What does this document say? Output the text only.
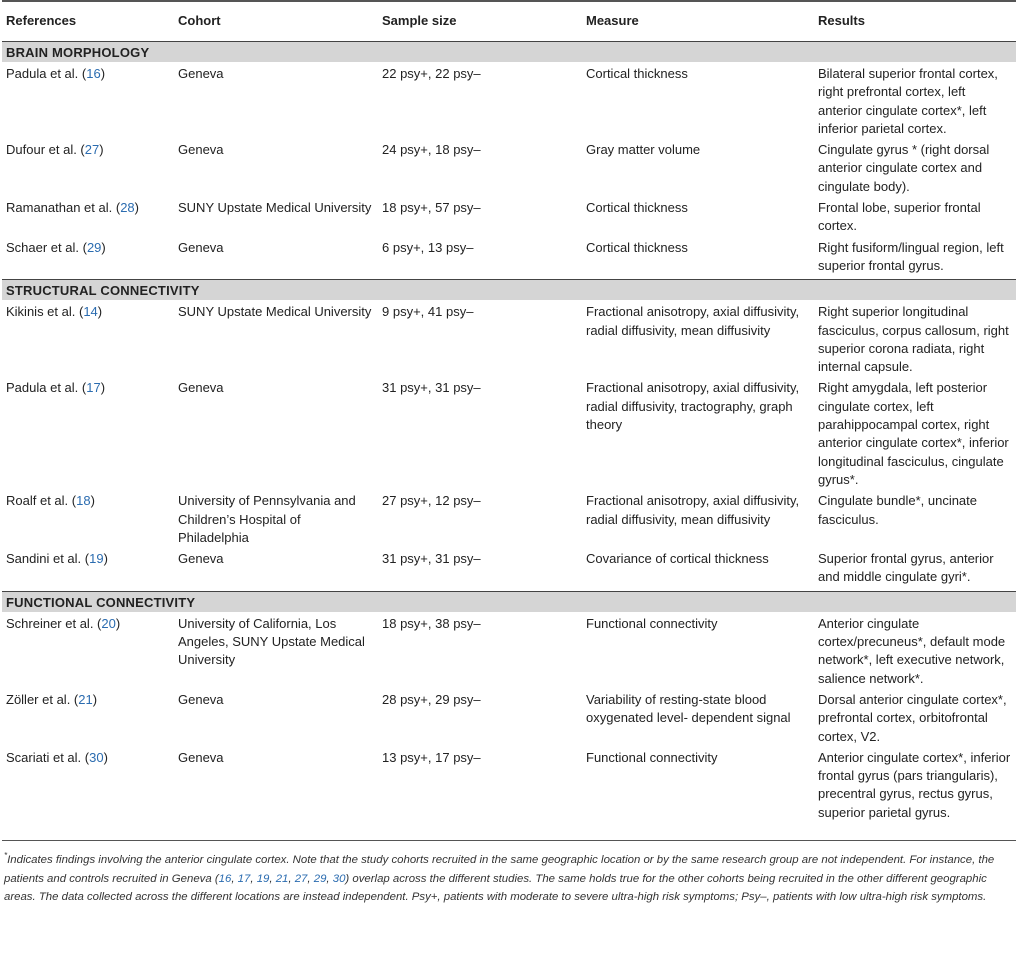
References	Cohort	Sample size	Measure	Results
BRAIN MORPHOLOGY				
Padula et al. (16)	Geneva	22 psy+, 22 psy–	Cortical thickness	Bilateral superior frontal cortex, right prefrontal cortex, left anterior cingulate cortex*, left inferior parietal cortex.
Dufour et al. (27)	Geneva	24 psy+, 18 psy–	Gray matter volume	Cingulate gyrus * (right dorsal anterior cingulate cortex and cingulate body).
Ramanathan et al. (28)	SUNY Upstate Medical University	18 psy+, 57 psy–	Cortical thickness	Frontal lobe, superior frontal cortex.
Schaer et al. (29)	Geneva	6 psy+, 13 psy–	Cortical thickness	Right fusiform/lingual region, left superior frontal gyrus.
STRUCTURAL CONNECTIVITY				
Kikinis et al. (14)	SUNY Upstate Medical University	9 psy+, 41 psy–	Fractional anisotropy, axial diffusivity, radial diffusivity, mean diffusivity	Right superior longitudinal fasciculus, corpus callosum, right superior corona radiata, right internal capsule.
Padula et al. (17)	Geneva	31 psy+, 31 psy–	Fractional anisotropy, axial diffusivity, radial diffusivity, tractography, graph theory	Right amygdala, left posterior cingulate cortex, left parahippocampal cortex, right anterior cingulate cortex*, inferior longitudinal fasciculus, cingulate gyrus*.
Roalf et al. (18)	University of Pennsylvania and Children’s Hospital of Philadelphia	27 psy+, 12 psy–	Fractional anisotropy, axial diffusivity, radial diffusivity, mean diffusivity	Cingulate bundle*, uncinate fasciculus.
Sandini et al. (19)	Geneva	31 psy+, 31 psy–	Covariance of cortical thickness	Superior frontal gyrus, anterior and middle cingulate gyri*.
FUNCTIONAL CONNECTIVITY				
Schreiner et al. (20)	University of California, Los Angeles, SUNY Upstate Medical University	18 psy+, 38 psy–	Functional connectivity	Anterior cingulate cortex/precuneus*, default mode network*, left executive network, salience network*.
Zöller et al. (21)	Geneva	28 psy+, 29 psy–	Variability of resting-state blood oxygenated level- dependent signal	Dorsal anterior cingulate cortex*, prefrontal cortex, orbitofrontal cortex, V2.
Scariati et al. (30)	Geneva	13 psy+, 17 psy–	Functional connectivity	Anterior cingulate cortex*, inferior frontal gyrus (pars triangularis), precentral gyrus, rectus gyrus, superior parietal gyrus.
*Indicates findings involving the anterior cingulate cortex. Note that the study cohorts recruited in the same geographic location or by the same research group are not independent. For instance, the patients and controls recruited in Geneva (16, 17, 19, 21, 27, 29, 30) overlap across the different studies. The same holds true for the other cohorts being recruited in the other different geographic areas. The data collected across the different locations are instead independent. Psy+, patients with moderate to severe ultra-high risk symptoms; Psy–, patients with low ultra-high risk symptoms.
